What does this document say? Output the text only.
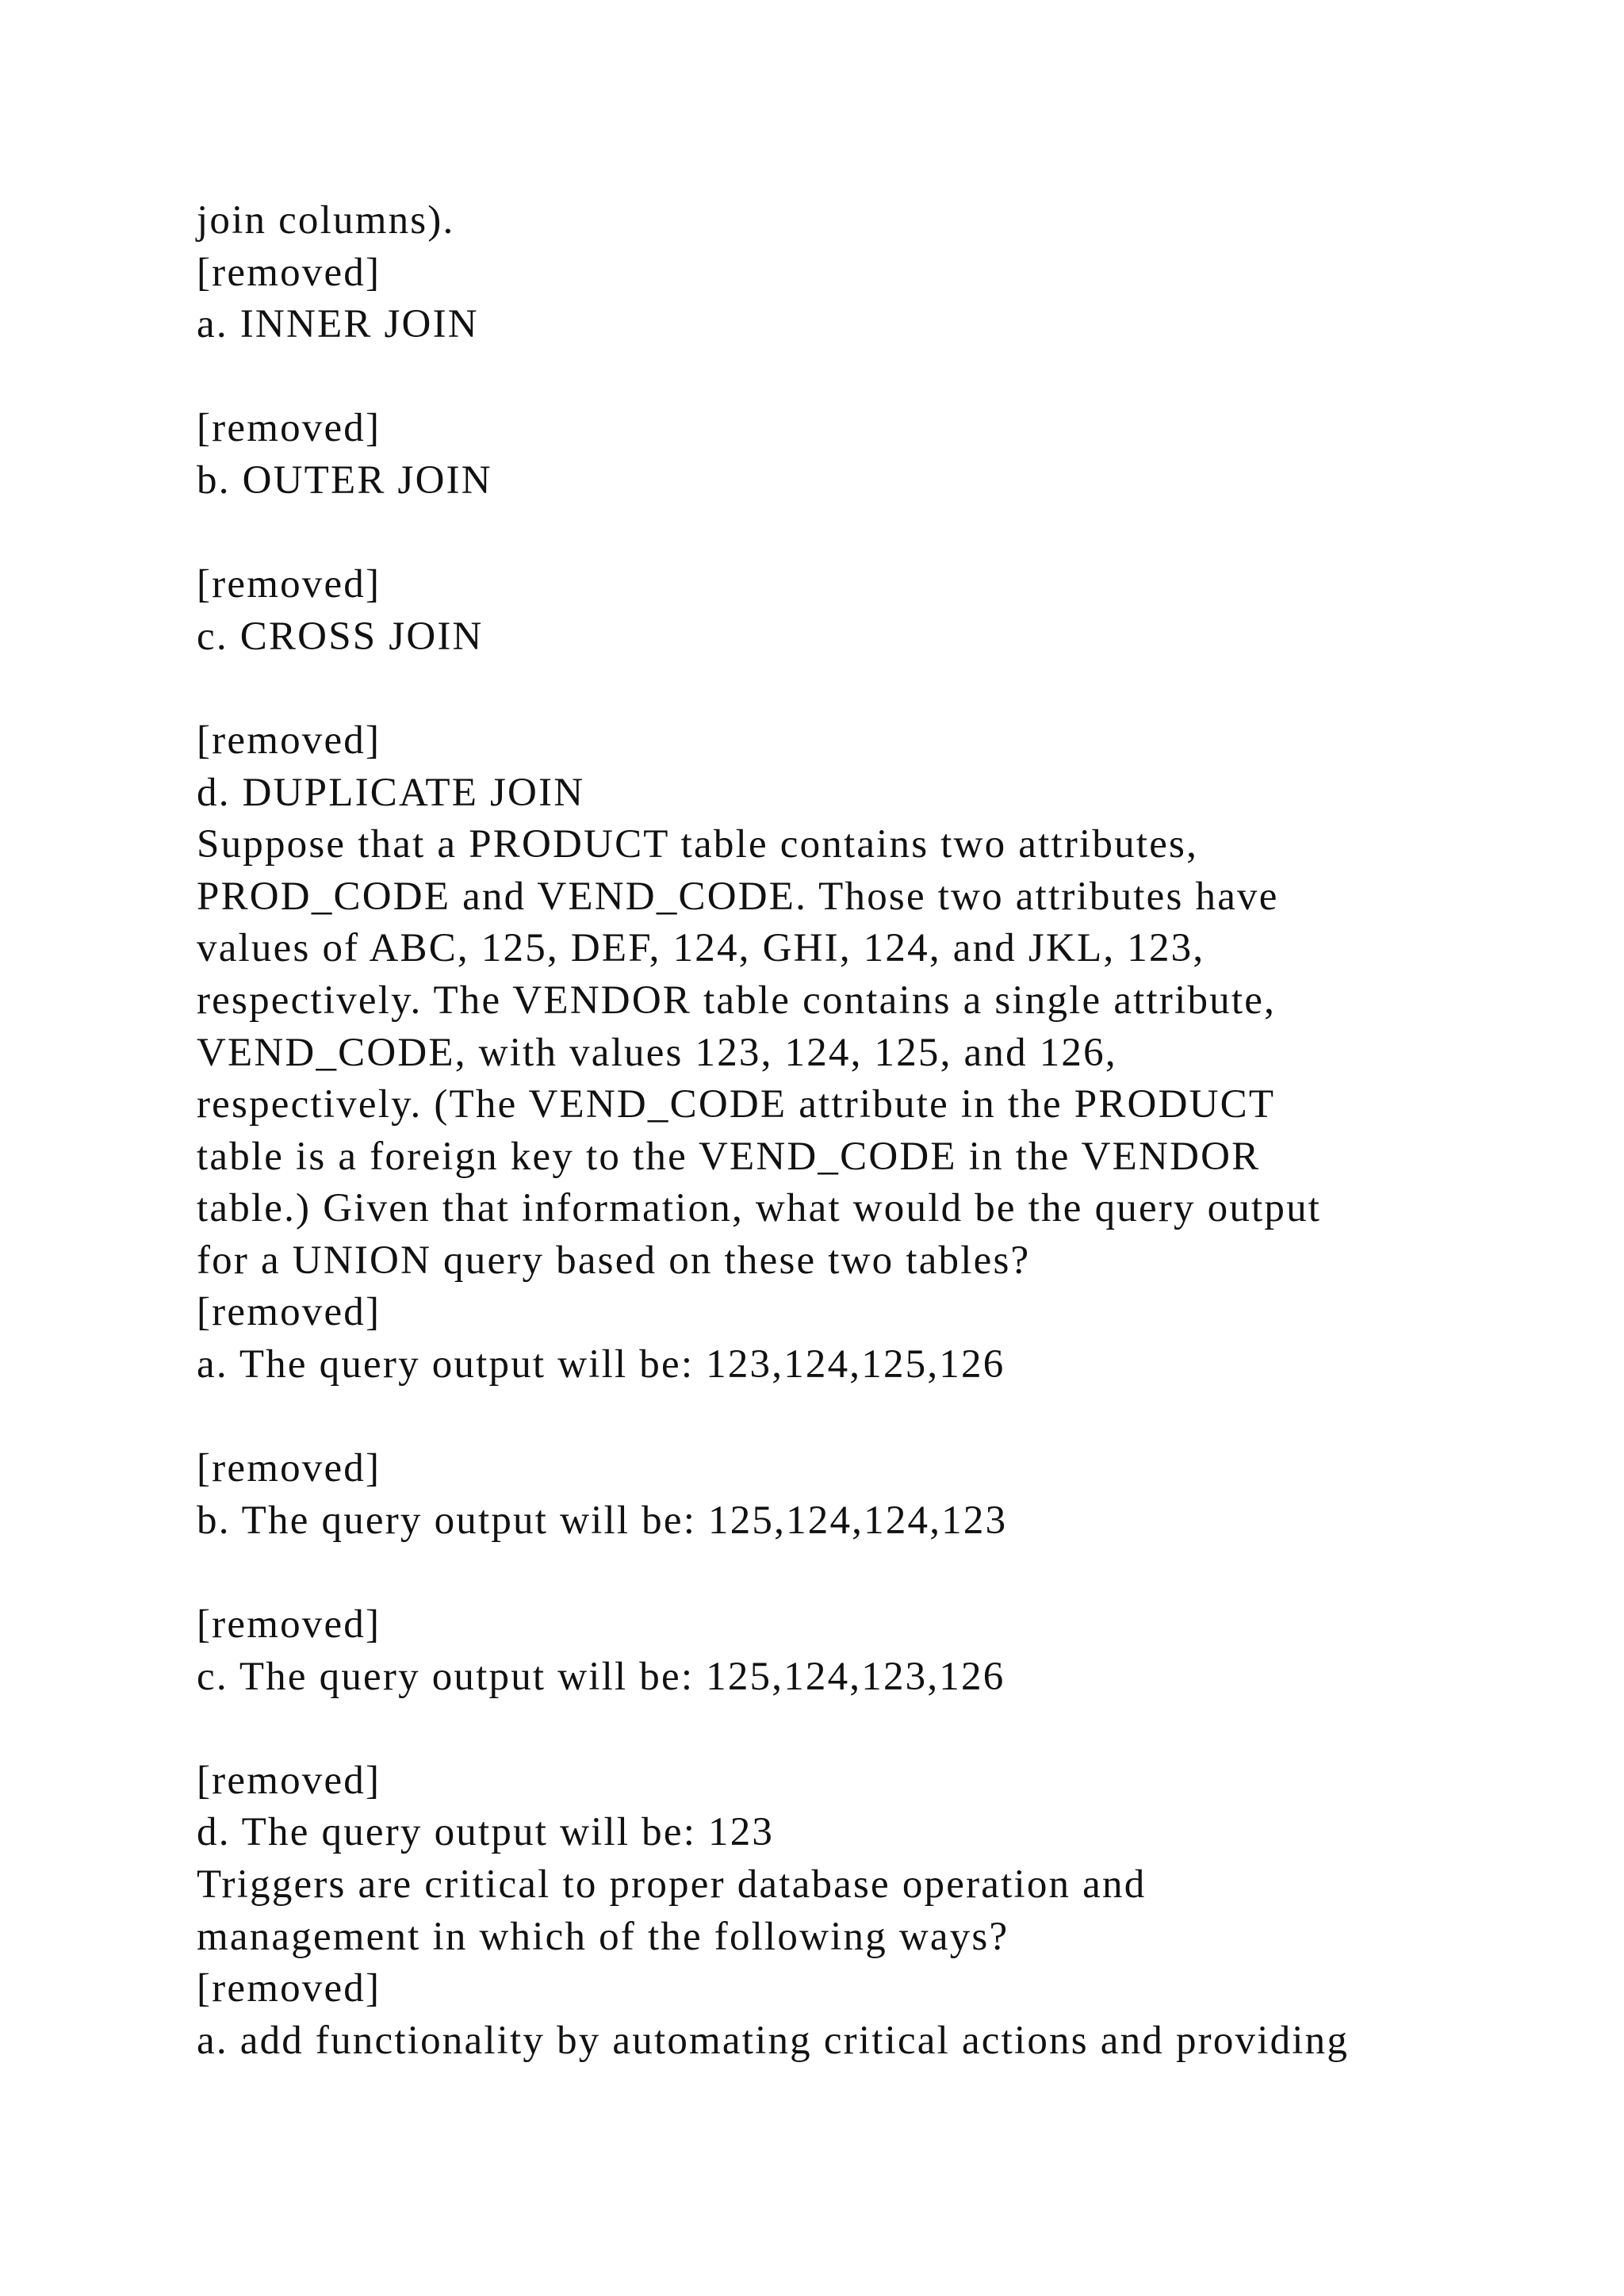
join columns).
[removed]
a. INNER JOIN
[removed]
b. OUTER JOIN
[removed]
c. CROSS JOIN
[removed]
d. DUPLICATE JOIN
Suppose that a PRODUCT table contains two attributes,
PROD_CODE and VEND_CODE. Those two attributes have
values of ABC, 125, DEF, 124, GHI, 124, and JKL, 123,
respectively. The VENDOR table contains a single attribute,
VEND_CODE, with values 123, 124, 125, and 126,
respectively. (The VEND_CODE attribute in the PRODUCT
table is a foreign key to the VEND_CODE in the VENDOR
table.) Given that information, what would be the query output
for a UNION query based on these two tables?
[removed]
a. The query output will be: 123,124,125,126
[removed]
b. The query output will be: 125,124,124,123
[removed]
c. The query output will be: 125,124,123,126
[removed]
d. The query output will be: 123
Triggers are critical to proper database operation and
management in which of the following ways?
[removed]
a. add functionality by automating critical actions and providing
